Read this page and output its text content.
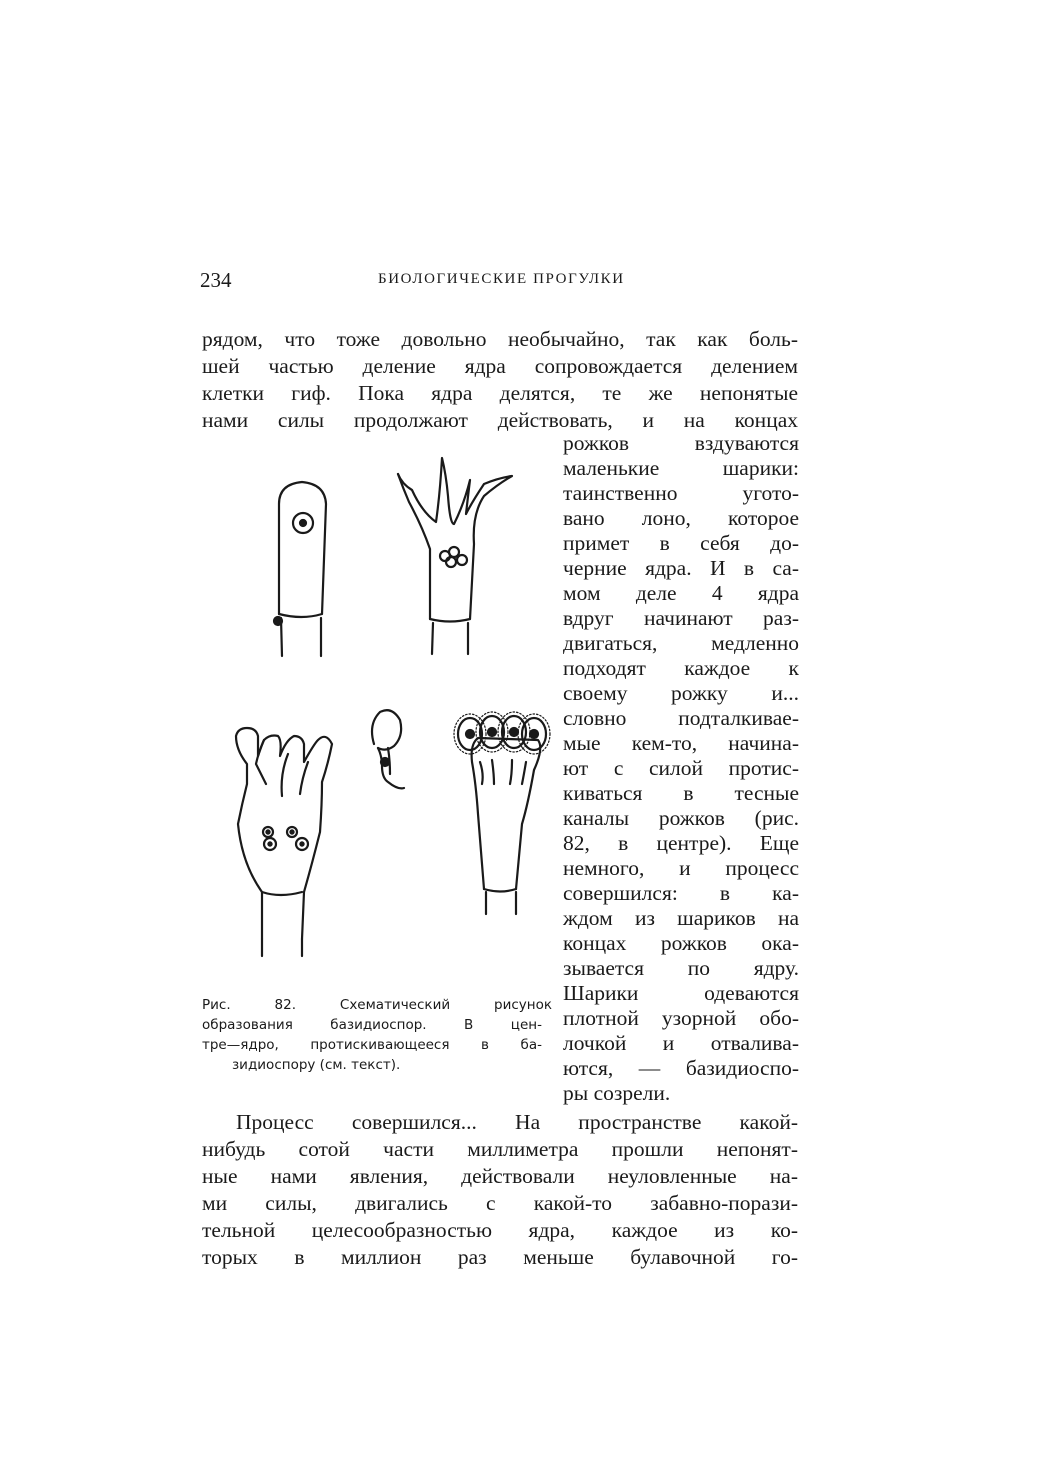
234	БИОЛОГИЧЕСКИЕ ПРОГУЛКИ
рядом, что тоже довольно необычайно, так как боль-
шей частью деление ядра сопровождается делением
клетки гиф. Пока ядра делятся, те же непонятые
нами силы продолжают действовать, и на концах
рожков вздуваются
маленькие шарики:
таинственно угото-
вано лоно, которое
примет в себя до-
черние ядра. И в са-
мом деле 4 ядра
вдруг начинают раз-
двигаться, медленно
подходят каждое к
своему рожку и...
словно подталкивае-
мые кем-то, начина-
ют с силой протис-
киваться в тесные
каналы рожков (рис.
82, в центре). Еще
немного, и процесс
совершился: в ка-
ждом из шариков на
концах рожков ока-
зывается по ядру.
Шарики одеваются
плотной узорной обо-
лочкой и отвалива-
ются, — базидиоспо-
ры созрели.
Рис. 82. Схематический рисунок
образования базидиоспор. В цен-
тре—ядро, протискивающееся в ба-
зидиоспору (см. текст).
Процесс совершился... На пространстве какой-
нибудь сотой части миллиметра прошли непонят-
ные нами явления, действовали неуловленные на-
ми силы, двигались с какой-то забавно-порази-
тельной целесообразностью ядра, каждое из ко-
торых в миллион раз меньше булавочной го-
